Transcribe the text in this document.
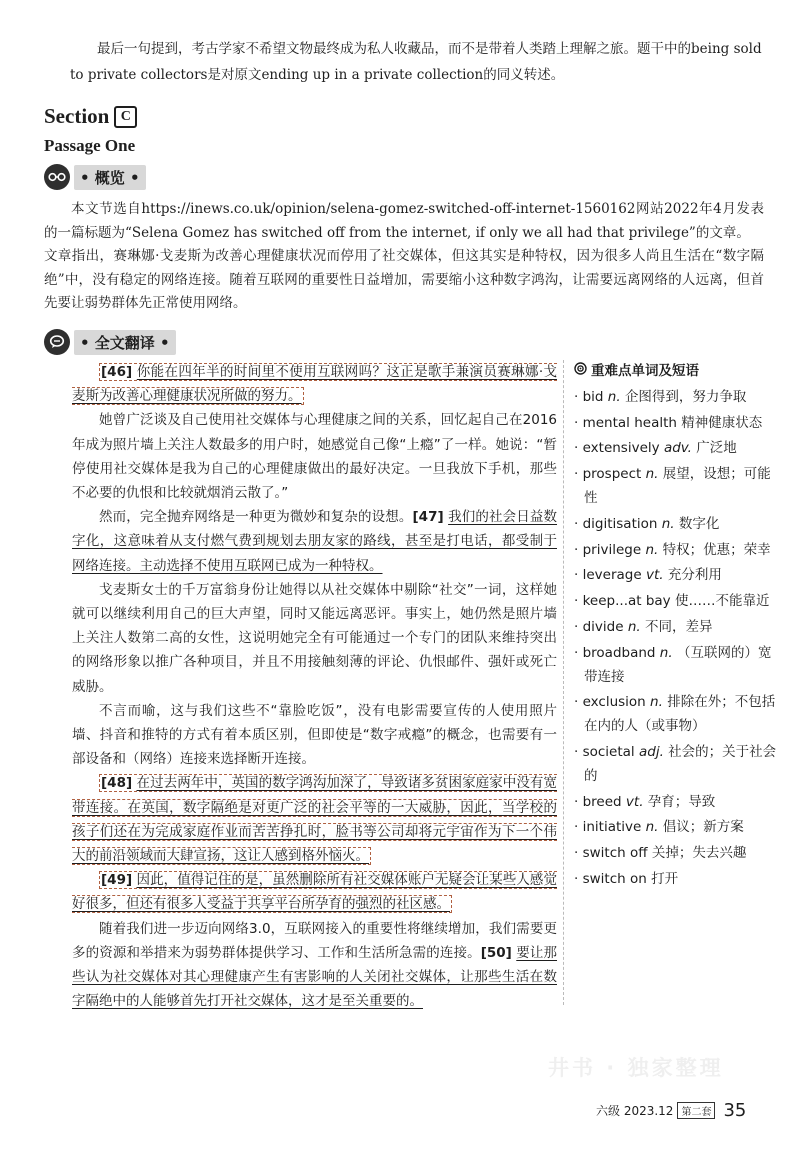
最后一句提到，考古学家不希望文物最终成为私人收藏品，而不是带着人类踏上理解之旅。题干中的being sold to private collectors是对原文ending up in a private collection的同义转述。

Section C
Passage One
• 概览 •

本文节选自https://inews.co.uk/opinion/selena-gomez-switched-off-internet-1560162网站2022年4月发表的一篇标题为“Selena Gomez has switched off from the internet, if only we all had that privilege”的文章。

文章指出，赛琳娜·戈麦斯为改善心理健康状况而停用了社交媒体，但这其实是种特权，因为很多人尚且生活在“数字隔绝”中，没有稳定的网络连接。随着互联网的重要性日益增加，需要缩小这种数字鸿沟，让需要远离网络的人远离，但首先要让弱势群体先正常使用网络。

• 全文翻译 •

[46] 你能在四年半的时间里不使用互联网吗？这正是歌手兼演员赛琳娜·戈麦斯为改善心理健康状况所做的努力。

她曾广泛谈及自己使用社交媒体与心理健康之间的关系，回忆起自己在2016年成为照片墙上关注人数最多的用户时，她感觉自己像“上瘾”了一样。她说：“暂停使用社交媒体是我为自己的心理健康做出的最好决定。一旦我放下手机，那些不必要的仇恨和比较就烟消云散了。”

然而，完全抛弃网络是一种更为微妙和复杂的设想。[47] 我们的社会日益数字化，这意味着从支付燃气费到规划去朋友家的路线，甚至是打电话，都受制于网络连接。主动选择不使用互联网已成为一种特权。

戈麦斯女士的千万富翁身份让她得以从社交媒体中剔除“社交”一词，这样她就可以继续利用自己的巨大声望，同时又能远离恶评。事实上，她仍然是照片墙上关注人数第二高的女性，这说明她完全有可能通过一个专门的团队来维持突出的网络形象以推广各种项目，并且不用接触刻薄的评论、仇恨邮件、强奸或死亡威胁。

不言而喻，这与我们这些不“靠脸吃饭”，没有电影需要宣传的人使用照片墙、抖音和推特的方式有着本质区别，但即使是“数字戒瘾”的概念，也需要有一部设备和（网络）连接来选择断开连接。

[48] 在过去两年中，英国的数字鸿沟加深了，导致诸多贫困家庭家中没有宽带连接。在英国，数字隔绝是对更广泛的社会平等的一大威胁，因此，当学校的孩子们还在为完成家庭作业而苦苦挣扎时，脸书等公司却将元宇宙作为下一个伟大的前沿领域而大肆宣扬，这让人感到格外恼火。

[49] 因此，值得记住的是，虽然删除所有社交媒体账户无疑会让某些人感觉好很多，但还有很多人受益于共享平台所孕育的强烈的社区感。

随着我们进一步迈向网络3.0，互联网接入的重要性将继续增加，我们需要更多的资源和举措来为弱势群体提供学习、工作和生活所急需的连接。[50] 要让那些认为社交媒体对其心理健康产生有害影响的人关闭社交媒体，让那些生活在数字隔绝中的人能够首先打开社交媒体，这才是至关重要的。

重难点单词及短语
· bid n. 企图得到，努力争取
· mental health 精神健康状态
· extensively adv. 广泛地
· prospect n. 展望，设想；可能性
· digitisation n. 数字化
· privilege n. 特权；优惠；荣幸
· leverage vt. 充分利用
· keep...at bay 使……不能靠近
· divide n. 不同，差异
· broadband n. （互联网的）宽带连接
· exclusion n. 排除在外；不包括在内的人（或事物）
· societal adj. 社会的；关于社会的
· breed vt. 孕育；导致
· initiative n. 倡议；新方案
· switch off 关掉；失去兴趣
· switch on 打开
井书 · 独家整理
六级 2023.12 第二套 35
